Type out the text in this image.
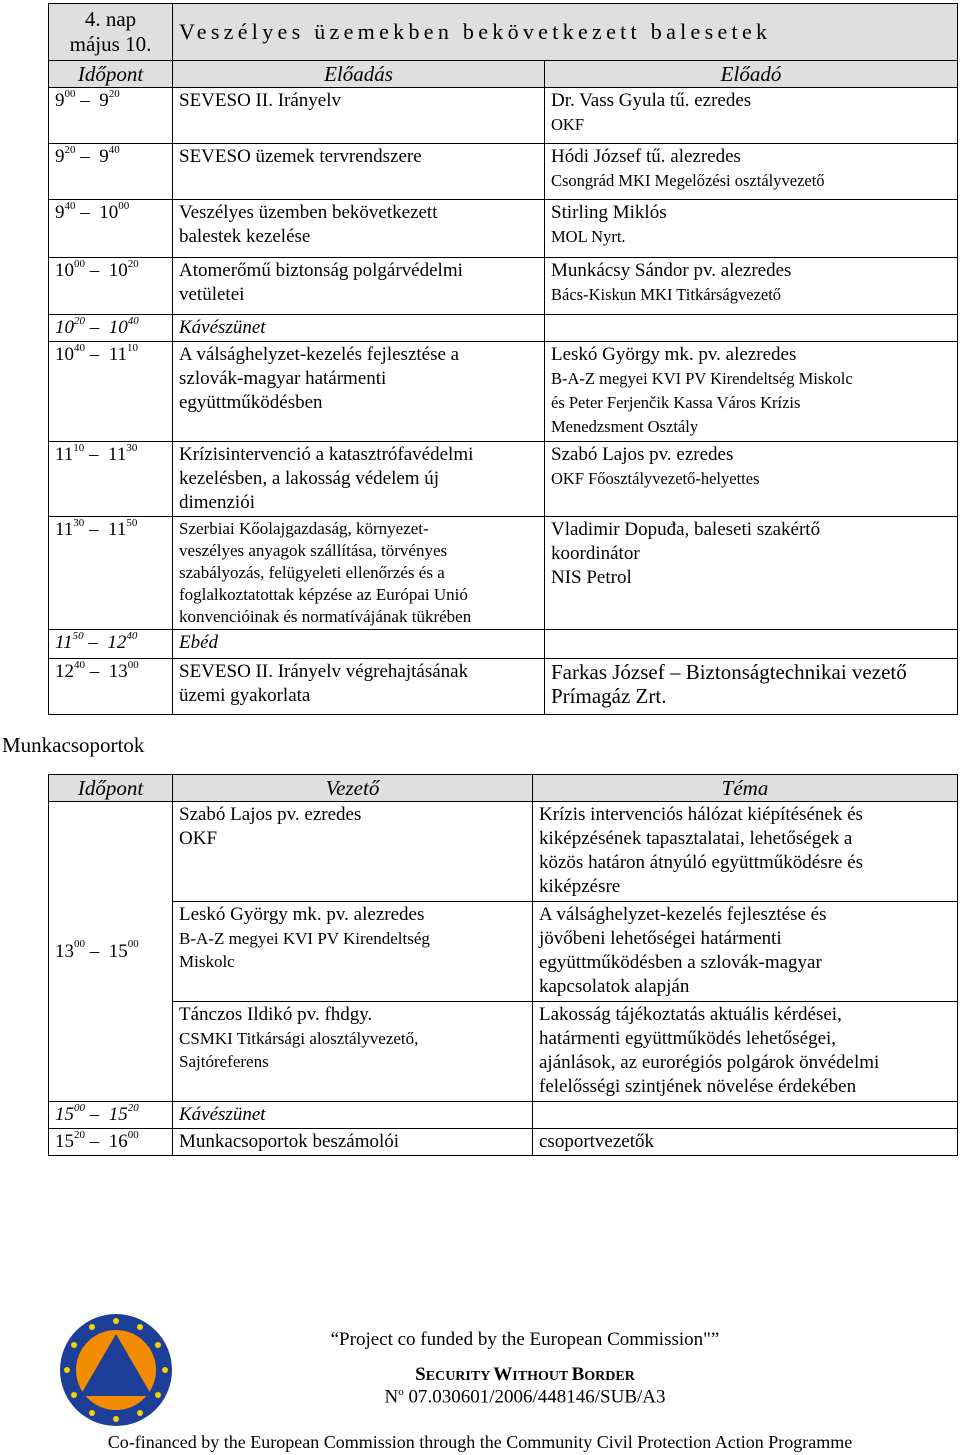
4. nap
május 10.	Veszélyes üzemekben bekövetkezett balesetek	
Időpont	Előadás	Előadó
$9^{00} - 9^{20}$	SEVESO II. Irányelv	Dr. Vass Gyula tű. ezredes
OKF

$9^{20} - 9^{40}$	SEVESO üzemek tervrendszere	Hódi József tű. alezredes
Csongrád MKI Megelőzési osztályvezető

$9^{40} - 10^{00}$	Veszélyes üzemben bekövetkezett
balestek kezelése	Stirling Miklós
MOL Nyrt.

$10^{00} - 10^{20}$	Atomerőmű biztonság polgárvédelmi
vetületei	Munkácsy Sándor pv. alezredes
Bács-Kiskun MKI Titkárságvezető

$10^{20} - 10^{40}$	Kávészünet	

$10^{40} - 11^{10}$	A válsághelyzet-kezelés fejlesztése a
szlovák-magyar határmenti
együttműködésben	Leskó György mk. pv. alezredes
B-A-Z megyei KVI PV Kirendeltség Miskolc
és Peter Ferjenčik Kassa Város Krízis
Menedzsment Osztály

$11^{10} - 11^{30}$	Krízisintervenció a katasztrófavédelmi
kezelésben, a lakosság védelem új
dimenziói	Szabó Lajos pv. ezredes
OKF Főosztályvezető-helyettes

$11^{30} - 11^{50}$	Szerbiai Kőolajgazdaság, környezet-
veszélyes anyagok szállítása, törvényes
szabályozás, felügyeleti ellenőrzés és a
foglalkoztatottak képzése az Európai Unió
konvencióinak és normatívájának tükrében	Vladimir Dopuđa, baleseti szakértő
koordinátor
NIS Petrol

$11^{50} - 12^{40}$	Ebéd	

$12^{40} - 13^{00}$	SEVESO II. Irányelv végrehajtásának
üzemi gyakorlata	Farkas József – Biztonságtechnikai vezető
Prímagáz Zrt.
Munkacsoportok
Időpont	Vezető	Téma
$13^{00} - 15^{00}$	Szabó Lajos pv. ezredes
OKF	Krízis intervenciós hálózat kiépítésének és
kiképzésének tapasztalatai, lehetőségek a
közös határon átnyúló együttműködésre és
kiképzésre

	Leskó György mk. pv. alezredes
B-A-Z megyei KVI PV Kirendeltség
Miskolc	A válsághelyzet-kezelés fejlesztése és
jövőbeni lehetőségei határmenti
együttműködésben a szlovák-magyar
kapcsolatok alapján

	Tánczos Ildikó pv. fhdgy.
CSMKI Titkársági alosztályvezető,
Sajtóreferens	Lakosság tájékoztatás aktuális kérdései,
határmenti együttműködés lehetőségei,
ajánlások, az eurorégiós polgárok önvédelmi
felelősségi szintjének növelése érdekében

$15^{00} - 15^{20}$	Kávészünet	
$15^{20} - 16^{00}$	Munkacsoportok beszámolói	csoportvezetők
“Project co funded by the European Commission"”
SECURITY WITHOUT BORDER
$N^o$ 07.030601/2006/448146/SUB/A3
Co-financed by the European Commission through the Community Civil Protection Action Programme
